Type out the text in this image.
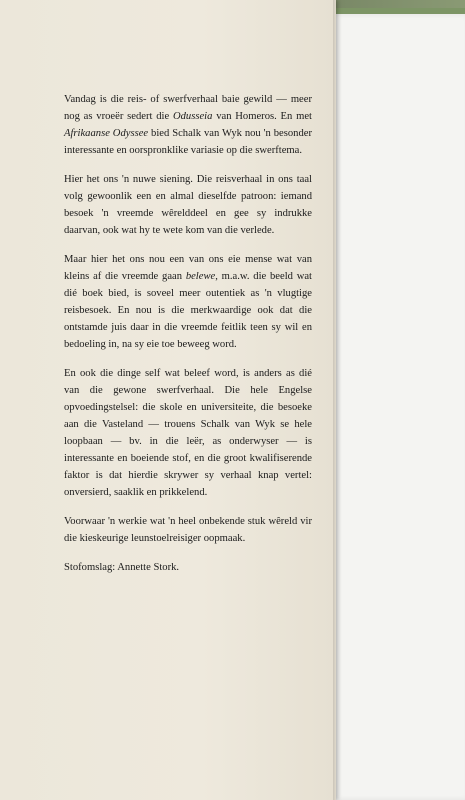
Vandag is die reis- of swerfverhaal baie gewild — meer nog as vroeër sedert die Odusseia van Homeros. En met Afrikaanse Odyssee bied Schalk van Wyk nou 'n besonder interessante en oorspronklike variasie op die swerftema.

Hier het ons 'n nuwe siening. Die reisverhaal in ons taal volg gewoonlik een en almal dieselfde patroon: iemand besoek 'n vreemde wêrelddeel en gee sy indrukke daarvan, ook wat hy te wete kom van die verlede.

Maar hier het ons nou een van ons eie mense wat van kleins af die vreemde gaan belewe, m.a.w. die beeld wat dié boek bied, is soveel meer outentiek as 'n vlugtige reisbesoek. En nou is die merkwaardige ook dat die ontstamde juis daar in die vreemde feitlik teen sy wil en bedoeling in, na sy eie toe beweeg word.

En ook die dinge self wat beleef word, is anders as dié van die gewone swerfverhaal. Die hele Engelse opvoedingstelsel: die skole en universiteite, die besoeke aan die Vasteland — trouens Schalk van Wyk se hele loopbaan — bv. in die leër, as onderwyser — is interessante en boeiende stof, en die groot kwalifiserende faktor is dat hierdie skrywer sy verhaal knap vertel: onversierd, saaklik en prikkelend.

Voorwaar 'n werkie wat 'n heel onbekende stuk wêreld vir die kieskeurige leunstoelreisiger oopmaak.

Stofomslag: Annette Stork.
